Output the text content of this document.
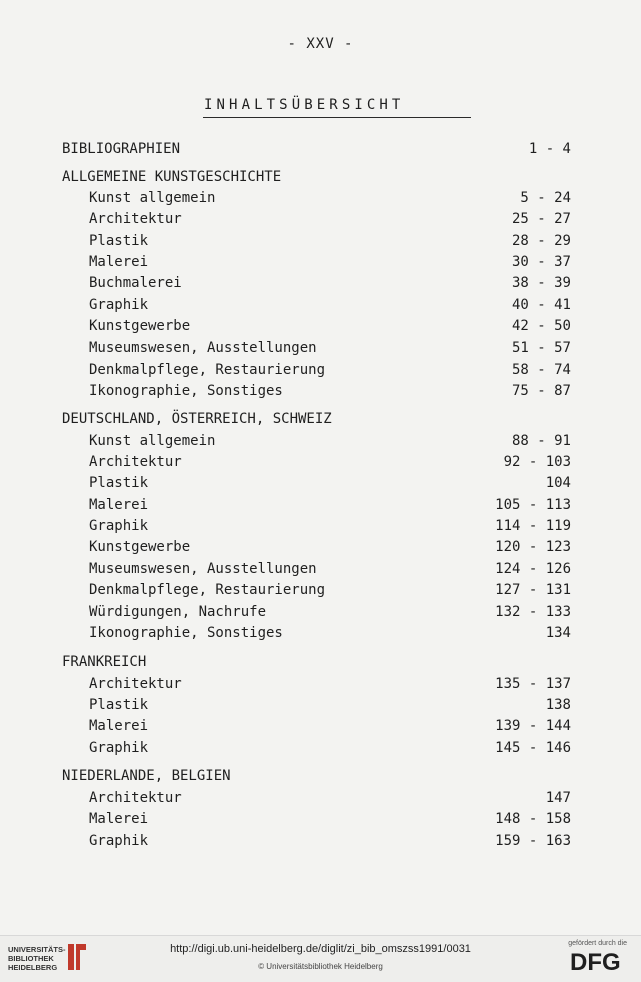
- XXV -
INHALTSÜBERSICHT
BIBLIOGRAPHIEN	1 - 4
ALLGEMEINE KUNSTGESCHICHTE
Kunst allgemein	5 - 24
Architektur	25 - 27
Plastik	28 - 29
Malerei	30 - 37
Buchmalerei	38 - 39
Graphik	40 - 41
Kunstgewerbe	42 - 50
Museumswesen, Ausstellungen	51 - 57
Denkmalpflege, Restaurierung	58 - 74
Ikonographie, Sonstiges	75 - 87
DEUTSCHLAND, ÖSTERREICH, SCHWEIZ
Kunst allgemein	88 - 91
Architektur	92 - 103
Plastik	104
Malerei	105 - 113
Graphik	114 - 119
Kunstgewerbe	120 - 123
Museumswesen, Ausstellungen	124 - 126
Denkmalpflege, Restaurierung	127 - 131
Würdigungen, Nachrufe	132 - 133
Ikonographie, Sonstiges	134
FRANKREICH
Architektur	135 - 137
Plastik	138
Malerei	139 - 144
Graphik	145 - 146
NIEDERLANDE, BELGIEN
Architektur	147
Malerei	148 - 158
Graphik	159 - 163
UNIVERSITÄTS-
BIBLIOTHEK
HEIDELBERG
http://digi.ub.uni-heidelberg.de/diglit/zi_bib_omszss1991/0031
© Universitätsbibliothek Heidelberg
gefördert durch die
DFG
